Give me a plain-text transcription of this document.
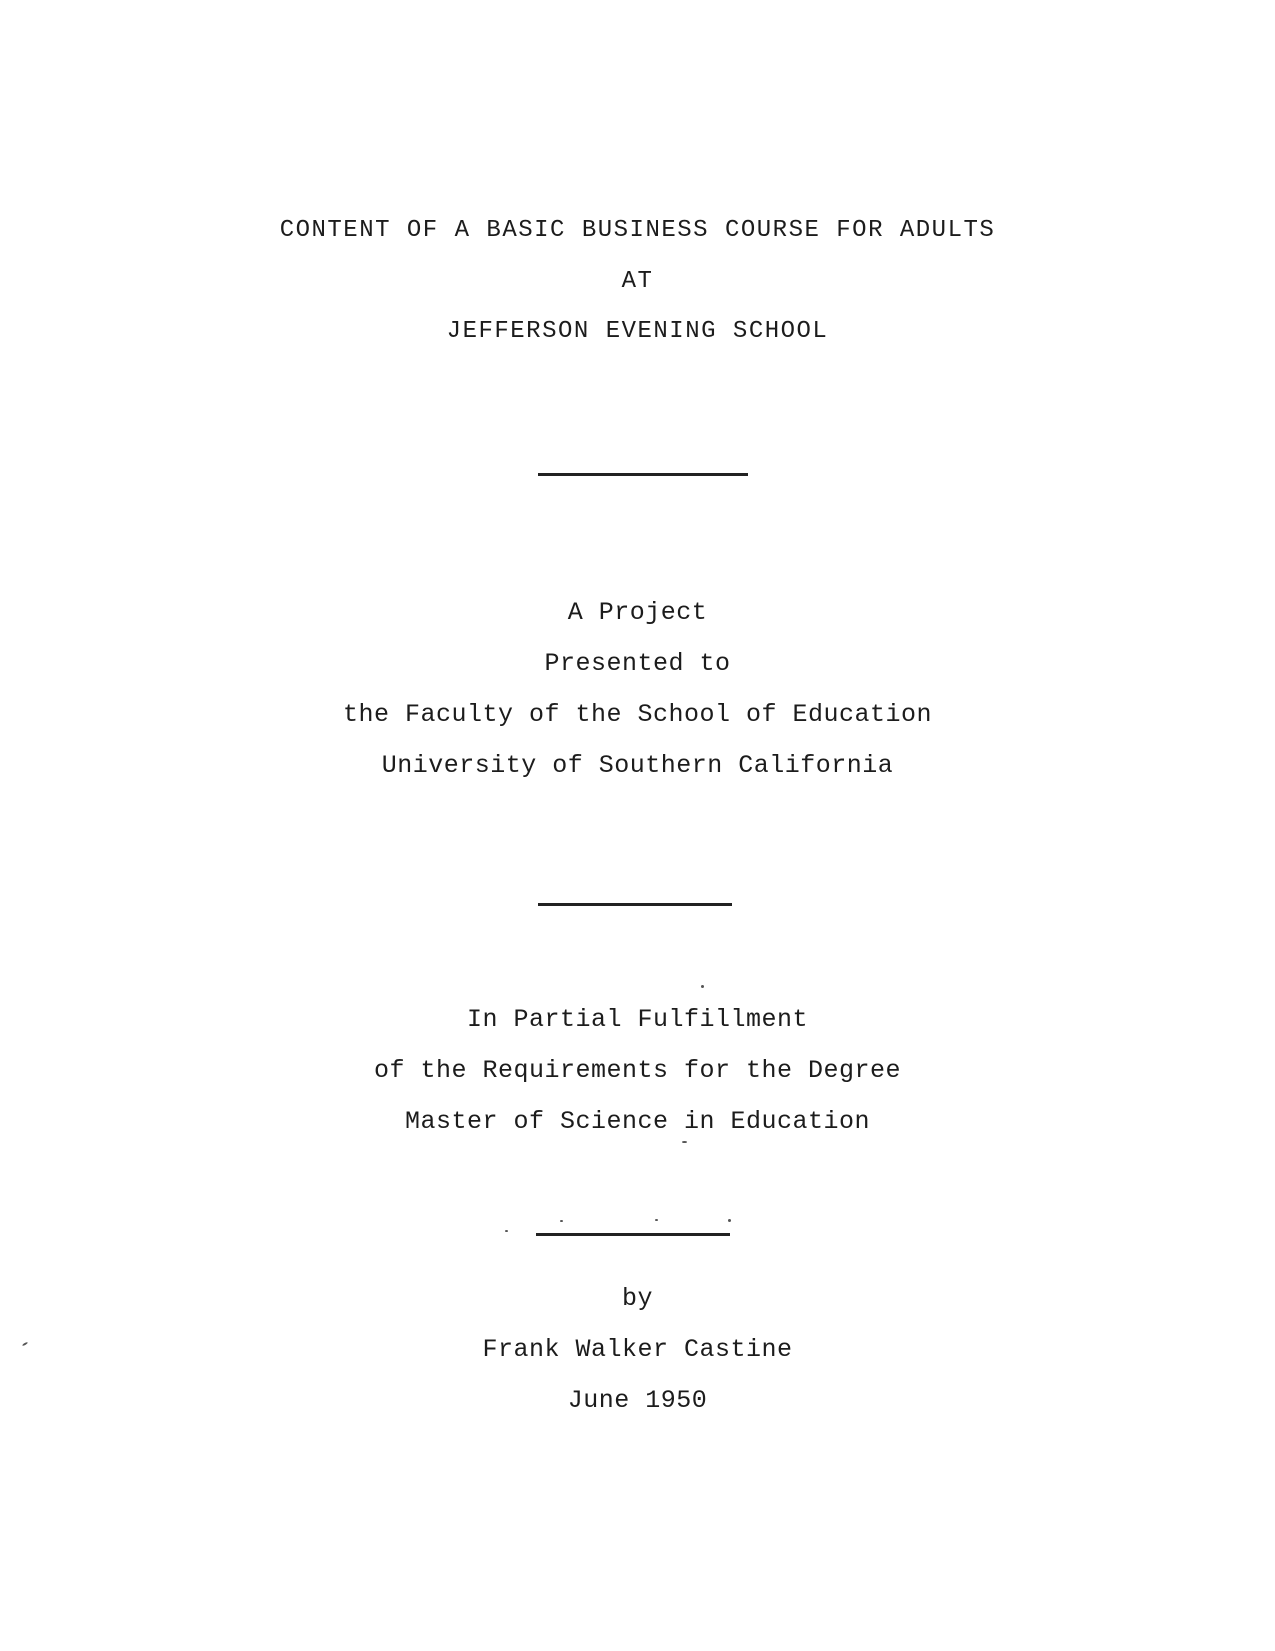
CONTENT OF A BASIC BUSINESS COURSE FOR ADULTS
AT
JEFFERSON EVENING SCHOOL
A Project
Presented to
the Faculty of the School of Education
University of Southern California
In Partial Fulfillment
of the Requirements for the Degree
Master of Science in Education
by
Frank Walker Castine
June 1950
